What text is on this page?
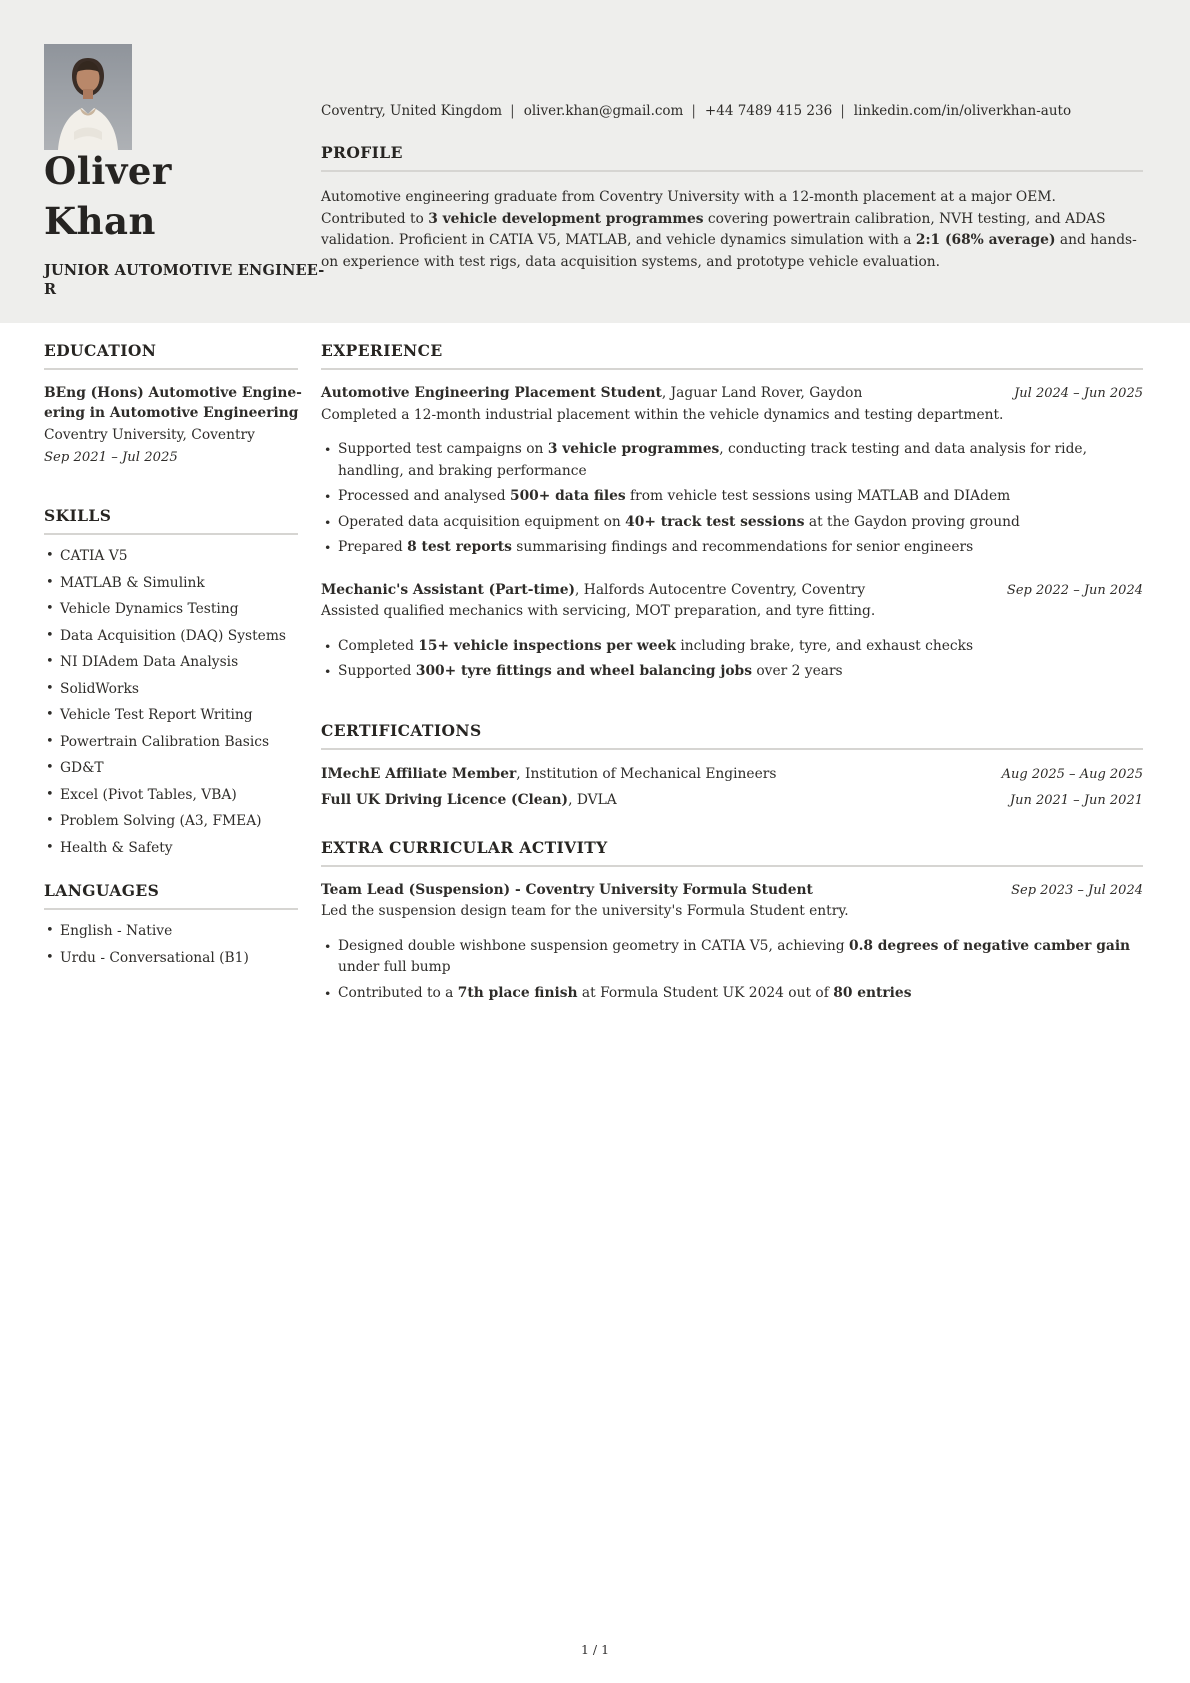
Oliver
Khan
JUNIOR AUTOMOTIVE ENGINEE-
R
Coventry, United Kingdom | oliver.khan@gmail.com | +44 7489 415 236 | linkedin.com/in/oliverkhan-auto
PROFILE

Automotive engineering graduate from Coventry University with a 12-month placement at a major OEM. Contributed to 3 vehicle development programmes covering powertrain calibration, NVH testing, and ADAS validation. Proficient in CATIA V5, MATLAB, and vehicle dynamics simulation with a 2:1 (68% average) and hands-on experience with test rigs, data acquisition systems, and prototype vehicle evaluation.

EDUCATION

BEng (Hons) Automotive Engine-
ering in Automotive Engineering

Coventry University, Coventry

Sep 2021 – Jul 2025

SKILLS
• CATIA V5
• MATLAB & Simulink
• Vehicle Dynamics Testing
• Data Acquisition (DAQ) Systems
• NI DIAdem Data Analysis
• SolidWorks
• Vehicle Test Report Writing
• Powertrain Calibration Basics
• GD&T
• Excel (Pivot Tables, VBA)
• Problem Solving (A3, FMEA)
• Health & Safety
LANGUAGES
• English - Native
• Urdu - Conversational (B1)
EXPERIENCE
Automotive Engineering Placement Student, Jaguar Land Rover, Gaydon	Jul 2024 – Jun 2025

Completed a 12-month industrial placement within the vehicle dynamics and testing department.

• Supported test campaigns on 3 vehicle programmes, conducting track testing and data analysis for ride, handling, and braking performance
• Processed and analysed 500+ data files from vehicle test sessions using MATLAB and DIAdem
• Operated data acquisition equipment on 40+ track test sessions at the Gaydon proving ground
• Prepared 8 test reports summarising findings and recommendations for senior engineers
Mechanic's Assistant (Part-time), Halfords Autocentre Coventry, Coventry	Sep 2022 – Jun 2024

Assisted qualified mechanics with servicing, MOT preparation, and tyre fitting.

• Completed 15+ vehicle inspections per week including brake, tyre, and exhaust checks
• Supported 300+ tyre fittings and wheel balancing jobs over 2 years
CERTIFICATIONS
IMechE Affiliate Member, Institution of Mechanical Engineers	Aug 2025 – Aug 2025
Full UK Driving Licence (Clean), DVLA	Jun 2021 – Jun 2021
EXTRA CURRICULAR ACTIVITY
Team Lead (Suspension) - Coventry University Formula Student	Sep 2023 – Jul 2024

Led the suspension design team for the university's Formula Student entry.

• Designed double wishbone suspension geometry in CATIA V5, achieving 0.8 degrees of negative camber gain under full bump
• Contributed to a 7th place finish at Formula Student UK 2024 out of 80 entries
1 / 1
